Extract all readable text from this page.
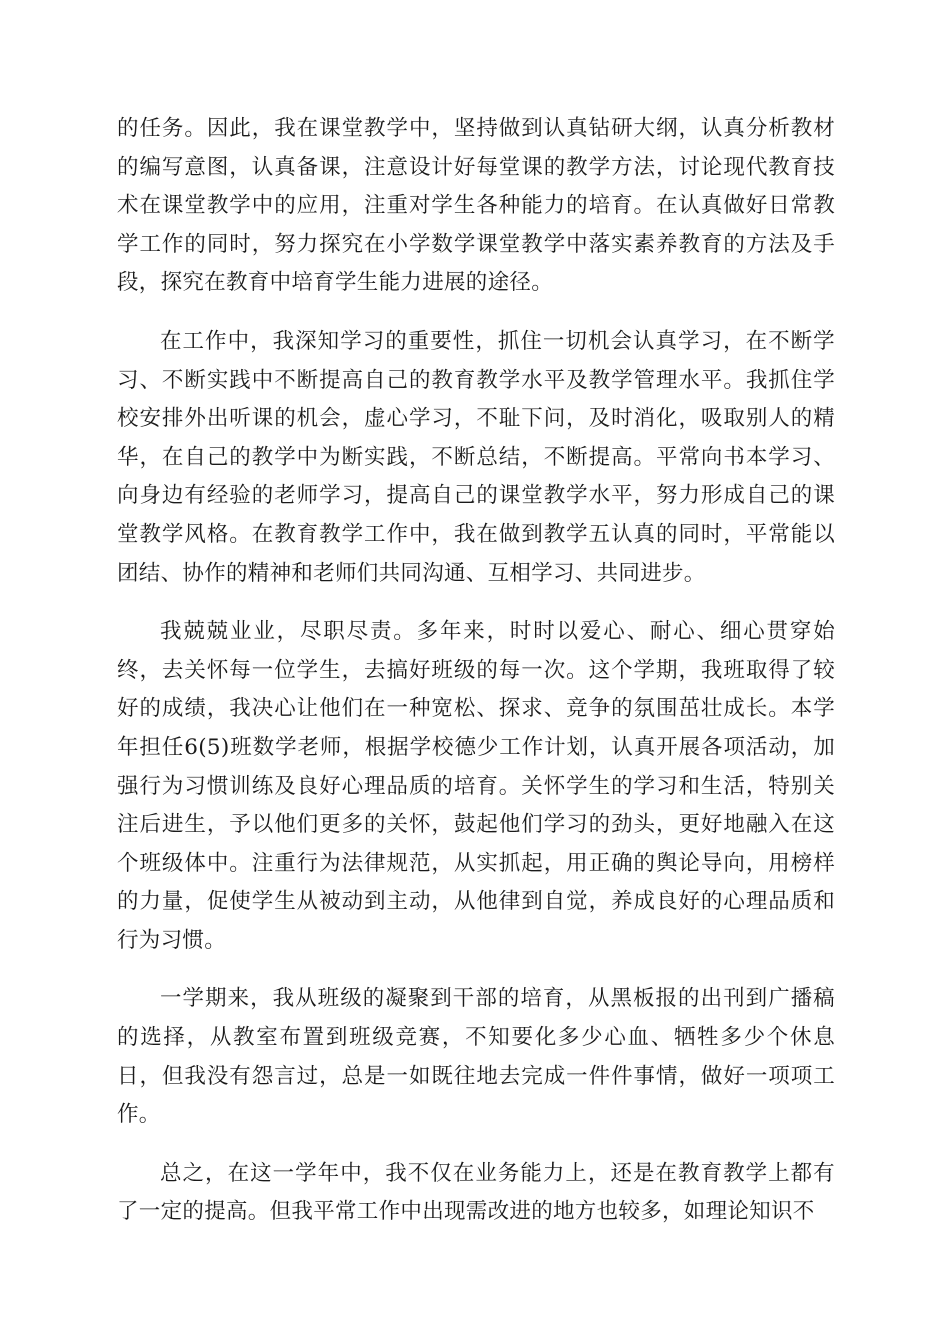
的任务。因此，我在课堂教学中，坚持做到认真钻研大纲，认真分析教材的编写意图，认真备课，注意设计好每堂课的教学方法，讨论现代教育技术在课堂教学中的应用，注重对学生各种能力的培育。在认真做好日常教学工作的同时，努力探究在小学数学课堂教学中落实素养教育的方法及手段，探究在教育中培育学生能力进展的途径。

在工作中，我深知学习的重要性，抓住一切机会认真学习，在不断学习、不断实践中不断提高自己的教育教学水平及教学管理水平。我抓住学校安排外出听课的机会，虚心学习，不耻下问，及时消化，吸取别人的精华，在自己的教学中为断实践，不断总结，不断提高。平常向书本学习、向身边有经验的老师学习，提高自己的课堂教学水平，努力形成自己的课堂教学风格。在教育教学工作中，我在做到教学五认真的同时，平常能以团结、协作的精神和老师们共同沟通、互相学习、共同进步。

我兢兢业业，尽职尽责。多年来，时时以爱心、耐心、细心贯穿始终，去关怀每一位学生，去搞好班级的每一次。这个学期，我班取得了较好的成绩，我决心让他们在一种宽松、探求、竞争的氛围茁壮成长。本学年担任6(5)班数学老师，根据学校德少工作计划，认真开展各项活动，加强行为习惯训练及良好心理品质的培育。关怀学生的学习和生活，特别关注后进生，予以他们更多的关怀，鼓起他们学习的劲头，更好地融入在这个班级体中。注重行为法律规范，从实抓起，用正确的舆论导向，用榜样的力量，促使学生从被动到主动，从他律到自觉，养成良好的心理品质和行为习惯。

一学期来，我从班级的凝聚到干部的培育，从黑板报的出刊到广播稿的选择，从教室布置到班级竞赛，不知要化多少心血、牺牲多少个休息日，但我没有怨言过，总是一如既往地去完成一件件事情，做好一项项工作。

总之，在这一学年中，我不仅在业务能力上，还是在教育教学上都有了一定的提高。但我平常工作中出现需改进的地方也较多，如理论知识不
